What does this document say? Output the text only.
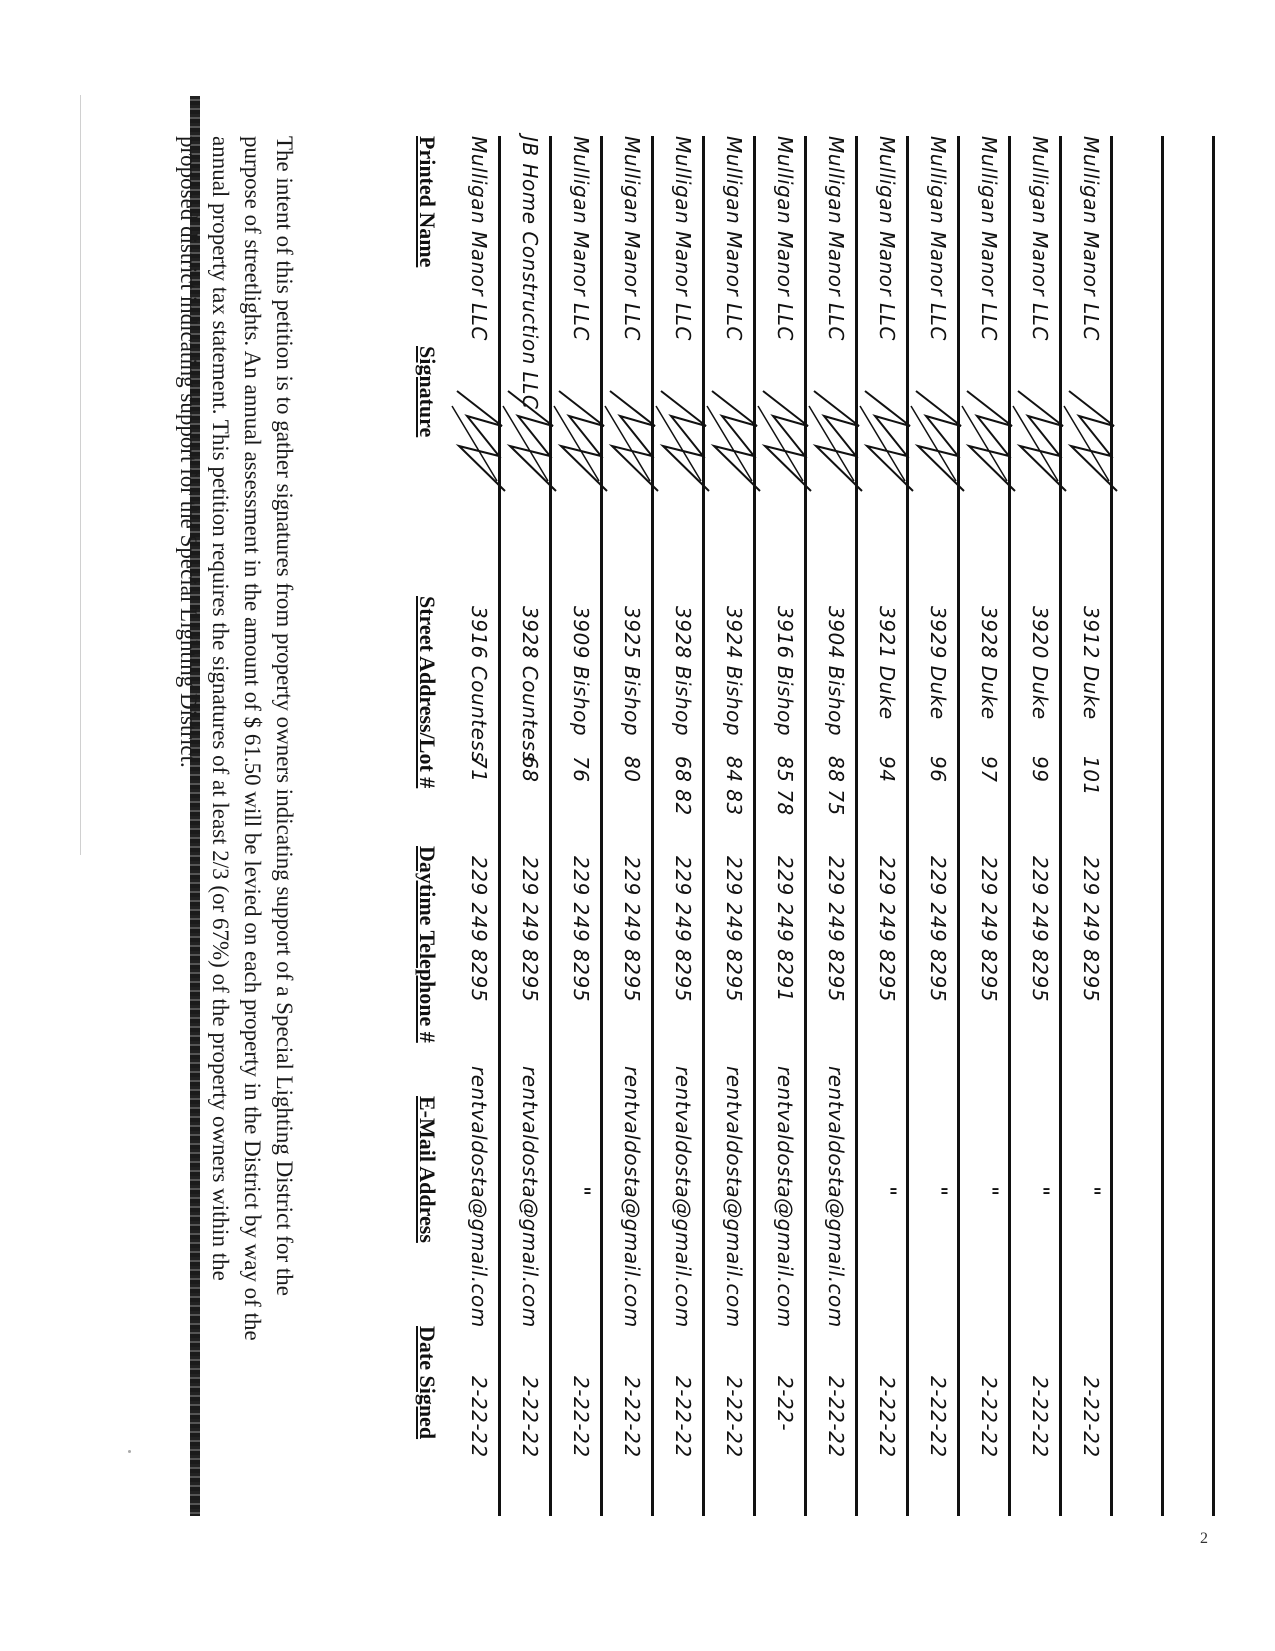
2
The intent of this petition is to gather signatures from property owners indicating support of a Special Lighting District for the purpose of streetlights. An annual assessment in the amount of $ 61.50 will be levied on each property in the District by way of the annual property tax statement. This petition requires the signatures of at least 2/3 (or 67%) of the property owners within the proposed district indicating support for the Special Lighting District.	Printed Name
Signature
Street Address/Lot #
Daytime Telephone #
E-Mail Address
Date Signed
Mulligan Manor LLC
3916 Countess
71
229 249 8295
rentvaldosta@gmail.com
2-22-22
JB Home Construction LLC
3928 Countess
68
229 249 8295
rentvaldosta@gmail.com
2-22-22
Mulligan Manor LLC
3909 Bishop
76
229 249 8295
"
2-22-22
Mulligan Manor LLC
3925 Bishop
80
229 249 8295
rentvaldosta@gmail.com
2-22-22
Mulligan Manor LLC
3928 Bishop
68 82
229 249 8295
rentvaldosta@gmail.com
2-22-22
Mulligan Manor LLC
3924 Bishop
84 83
229 249 8295
rentvaldosta@gmail.com
2-22-22
Mulligan Manor LLC
3916 Bishop
85 78
229 249 8291
rentvaldosta@gmail.com
2-22-
Mulligan Manor LLC
3904 Bishop
88 75
229 249 8295
rentvaldosta@gmail.com
2-22-22
Mulligan Manor LLC
3921 Duke
94
229 249 8295
"
2-22-22
Mulligan Manor LLC
3929 Duke
96
229 249 8295
"
2-22-22
Mulligan Manor LLC
3928 Duke
97
229 249 8295
"
2-22-22
Mulligan Manor LLC
3920 Duke
99
229 249 8295
"
2-22-22
Mulligan Manor LLC
3912 Duke
101
229 249 8295
"
2-22-22
